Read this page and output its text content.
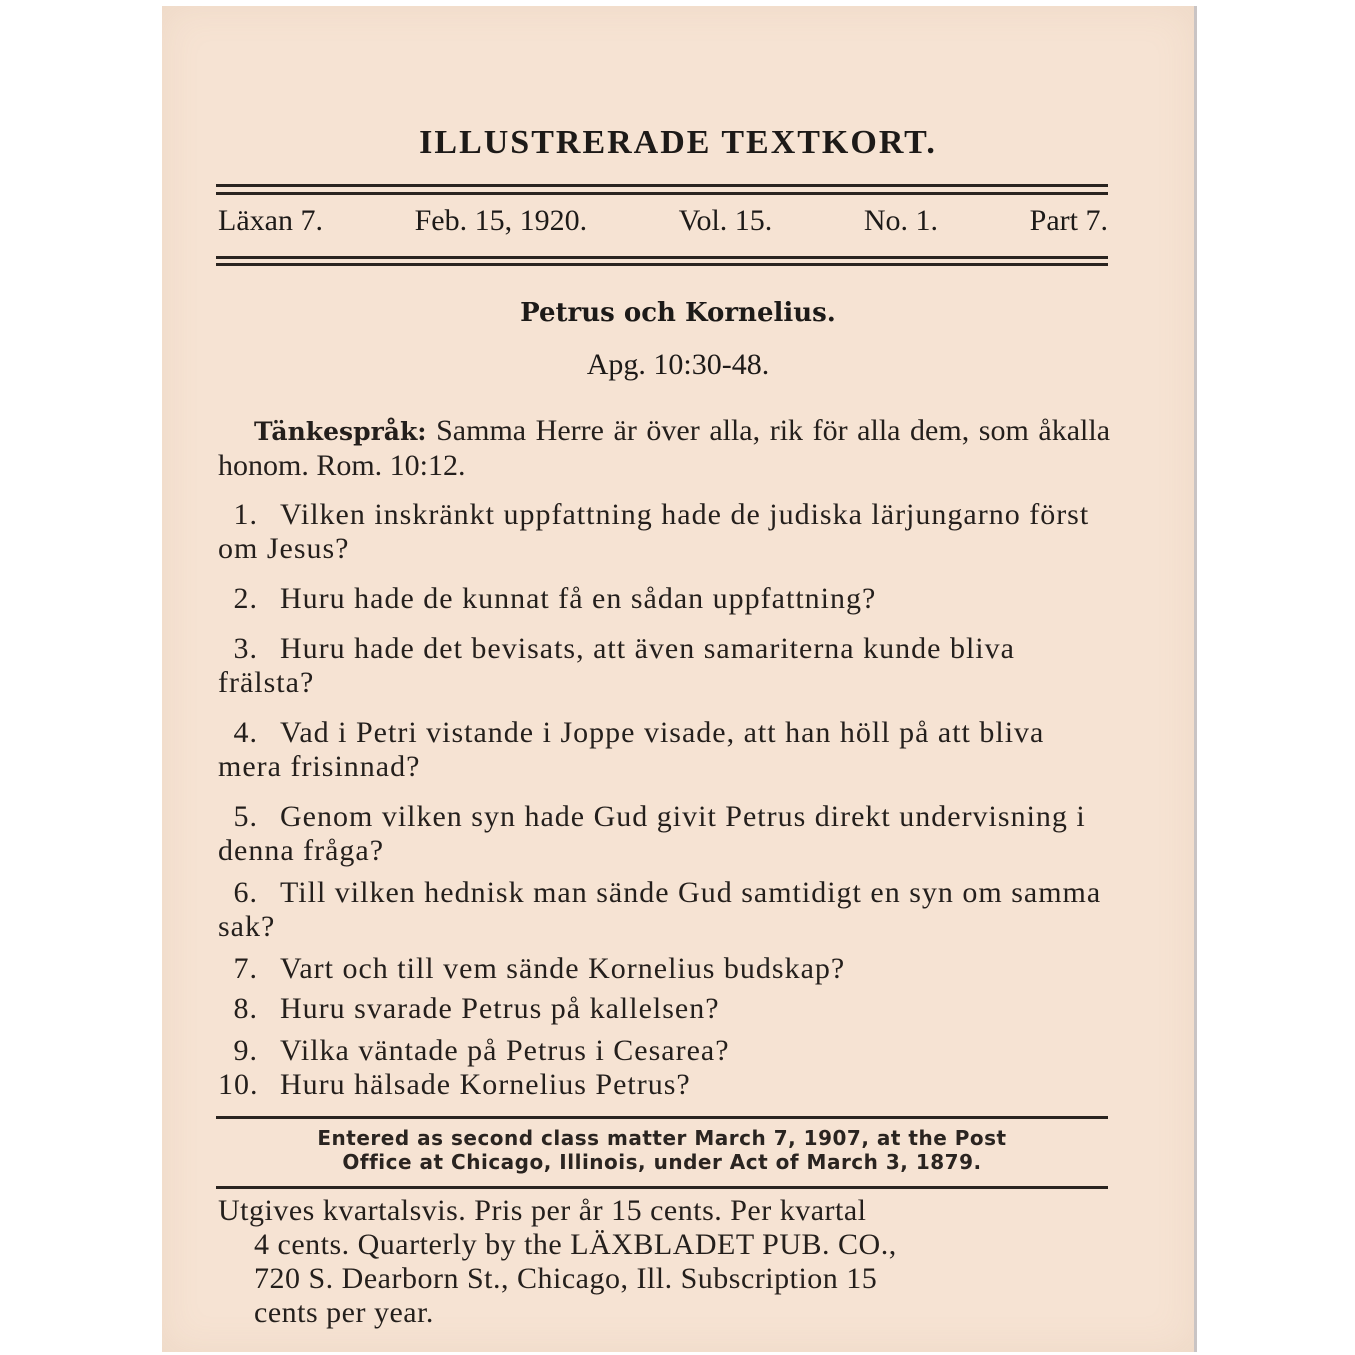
ILLUSTRERADE TEXTKORT.
Läxan 7.	Feb. 15, 1920.	Vol. 15.	No. 1.	Part 7.
Petrus och Kornelius.
Apg. 10:30-48.
Tänkespråk: Samma Herre är över alla, rik för alla dem, som åkalla honom. Rom. 10:12.
1. Vilken inskränkt uppfattning hade de judiska lärjungarno först om Jesus?
2. Huru hade de kunnat få en sådan uppfattning?
3. Huru hade det bevisats, att även samariterna kunde bliva frälsta?
4. Vad i Petri vistande i Joppe visade, att han höll på att bliva mera frisinnad?
5. Genom vilken syn hade Gud givit Petrus direkt undervisning i denna fråga?
6. Till vilken hednisk man sände Gud samtidigt en syn om samma sak?
7. Vart och till vem sände Kornelius budskap?
8. Huru svarade Petrus på kallelsen?
9. Vilka väntade på Petrus i Cesarea?
10. Huru hälsade Kornelius Petrus?
Entered as second class matter March 7, 1907, at the Post
Office at Chicago, Illinois, under Act of March 3, 1879.
Utgives kvartalsvis. Pris per år 15 cents. Per kvartal
4 cents. Quarterly by the LÄXBLADET PUB. CO.,
720 S. Dearborn St., Chicago, Ill. Subscription 15
cents per year.
